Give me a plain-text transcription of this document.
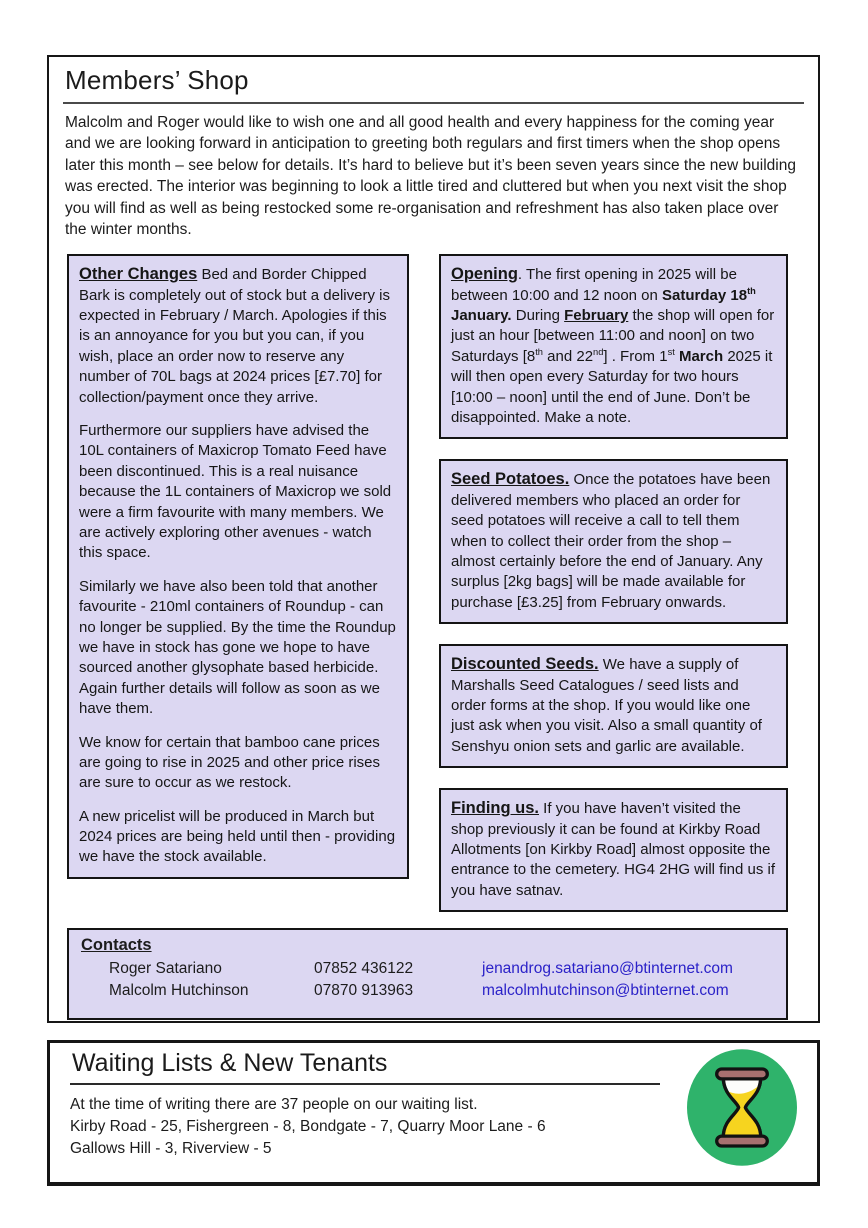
Members’ Shop
Malcolm and Roger would like to wish one and all good health and every happiness for the coming year and we are looking forward in anticipation to greeting both regulars and first timers when the shop opens later this month – see below for details. It’s hard to believe but it’s been seven years since the new building was erected. The interior was beginning to look a little tired and cluttered but when you next visit the shop you will find as well as being restocked some re-organisation and refreshment has also taken place over the winter months.

Other Changes Bed and Border Chipped Bark is completely out of stock but a delivery is expected in February / March. Apologies if this is an annoyance for you but you can, if you wish, place an order now to reserve any number of 70L bags at 2024 prices [£7.70] for collection/payment once they arrive.

Furthermore our suppliers have advised the 10L containers of Maxicrop Tomato Feed have been discontinued. This is a real nuisance because the 1L containers of Maxicrop we sold were a firm favourite with many members. We are actively exploring other avenues - watch this space.

Similarly we have also been told that another favourite - 210ml containers of Roundup - can no longer be supplied. By the time the Roundup we have in stock has gone we hope to have sourced another glysophate based herbicide. Again further details will follow as soon as we have them.

We know for certain that bamboo cane prices are going to rise in 2025 and other price rises are sure to occur as we restock.

A new pricelist will be produced in March but 2024 prices are being held until then - providing we have the stock available.

Opening. The first opening in 2025 will be between 10:00 and 12 noon on Saturday 18th January. During February the shop will open for just an hour [between 11:00 and noon] on two Saturdays [8th and 22nd] . From 1st March 2025 it will then open every Saturday for two hours [10:00 – noon] until the end of June. Don’t be disappointed. Make a note.

Seed Potatoes. Once the potatoes have been delivered members who placed an order for seed potatoes will receive a call to tell them when to collect their order from the shop – almost certainly before the end of January. Any surplus [2kg bags] will be made available for purchase [£3.25] from February onwards.

Discounted Seeds. We have a supply of Marshalls Seed Catalogues / seed lists and order forms at the shop. If you would like one just ask when you visit. Also a small quantity of Senshyu onion sets and garlic are available.

Finding us. If you have haven’t visited the shop previously it can be found at Kirkby Road Allotments [on Kirkby Road] almost opposite the entrance to the cemetery. HG4 2HG will find us if you have satnav.

Contacts
Roger Satariano	07852 436122	jenandrog.satariano@btinternet.com
Malcolm Hutchinson	07870 913963	malcolmhutchinson@btinternet.com
Waiting Lists & New Tenants
At the time of writing there are 37 people on our waiting list.
Kirby Road - 25, Fishergreen - 8, Bondgate - 7, Quarry Moor Lane - 6
Gallows Hill - 3, Riverview - 5
